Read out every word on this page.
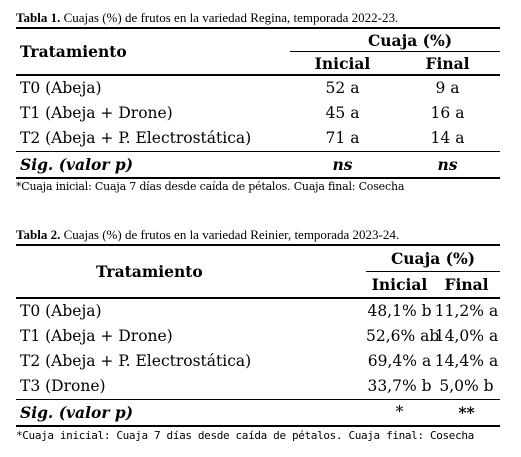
Tabla 1. Cuajas (%) de frutos en la variedad Regina, temporada 2022-23.
Tratamiento	Cuaja (%)	
	Inicial	Final
T0 (Abeja)	52 a	9 a
T1 (Abeja + Drone)	45 a	16 a
T2 (Abeja + P. Electrostática)	71 a	14 a
Sig. (valor p)	ns	ns
*Cuaja inicial: Cuaja 7 días desde caída de pétalos. Cuaja final: Cosecha
Tabla 2. Cuajas (%) de frutos en la variedad Reinier, temporada 2023-24.
Tratamiento	Cuaja (%)	
	Inicial	Final
T0 (Abeja)	48,1% b	11,2% a
T1 (Abeja + Drone)	52,6% ab	14,0% a
T2 (Abeja + P. Electrostática)	69,4% a	14,4% a
T3 (Drone)	33,7% b	5,0% b
Sig. (valor p)	*	**
*Cuaja inicial: Cuaja 7 días desde caída de pétalos. Cuaja final: Cosecha
